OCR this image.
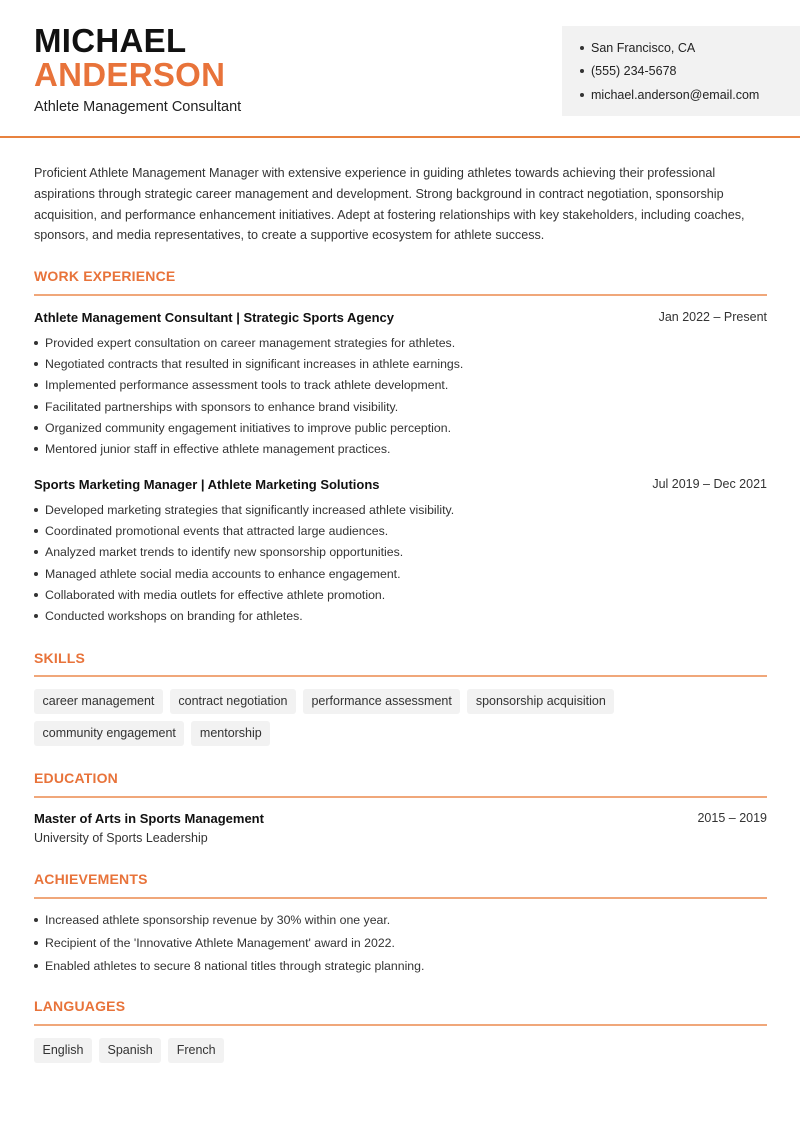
MICHAEL
ANDERSON
Athlete Management Consultant
San Francisco, CA
(555) 234-5678
michael.anderson@email.com
Proficient Athlete Management Manager with extensive experience in guiding athletes towards achieving their professional aspirations through strategic career management and development. Strong background in contract negotiation, sponsorship acquisition, and performance enhancement initiatives. Adept at fostering relationships with key stakeholders, including coaches, sponsors, and media representatives, to create a supportive ecosystem for athlete success.
WORK EXPERIENCE
Athlete Management Consultant | Strategic Sports Agency	Jan 2022 – Present
Provided expert consultation on career management strategies for athletes.
Negotiated contracts that resulted in significant increases in athlete earnings.
Implemented performance assessment tools to track athlete development.
Facilitated partnerships with sponsors to enhance brand visibility.
Organized community engagement initiatives to improve public perception.
Mentored junior staff in effective athlete management practices.
Sports Marketing Manager | Athlete Marketing Solutions	Jul 2019 – Dec 2021
Developed marketing strategies that significantly increased athlete visibility.
Coordinated promotional events that attracted large audiences.
Analyzed market trends to identify new sponsorship opportunities.
Managed athlete social media accounts to enhance engagement.
Collaborated with media outlets for effective athlete promotion.
Conducted workshops on branding for athletes.
SKILLS
career management	contract negotiation	performance assessment	sponsorship acquisition
community engagement	mentorship
EDUCATION
Master of Arts in Sports Management	2015 – 2019
University of Sports Leadership
ACHIEVEMENTS
Increased athlete sponsorship revenue by 30% within one year.
Recipient of the 'Innovative Athlete Management' award in 2022.
Enabled athletes to secure 8 national titles through strategic planning.
LANGUAGES
English	Spanish	French
